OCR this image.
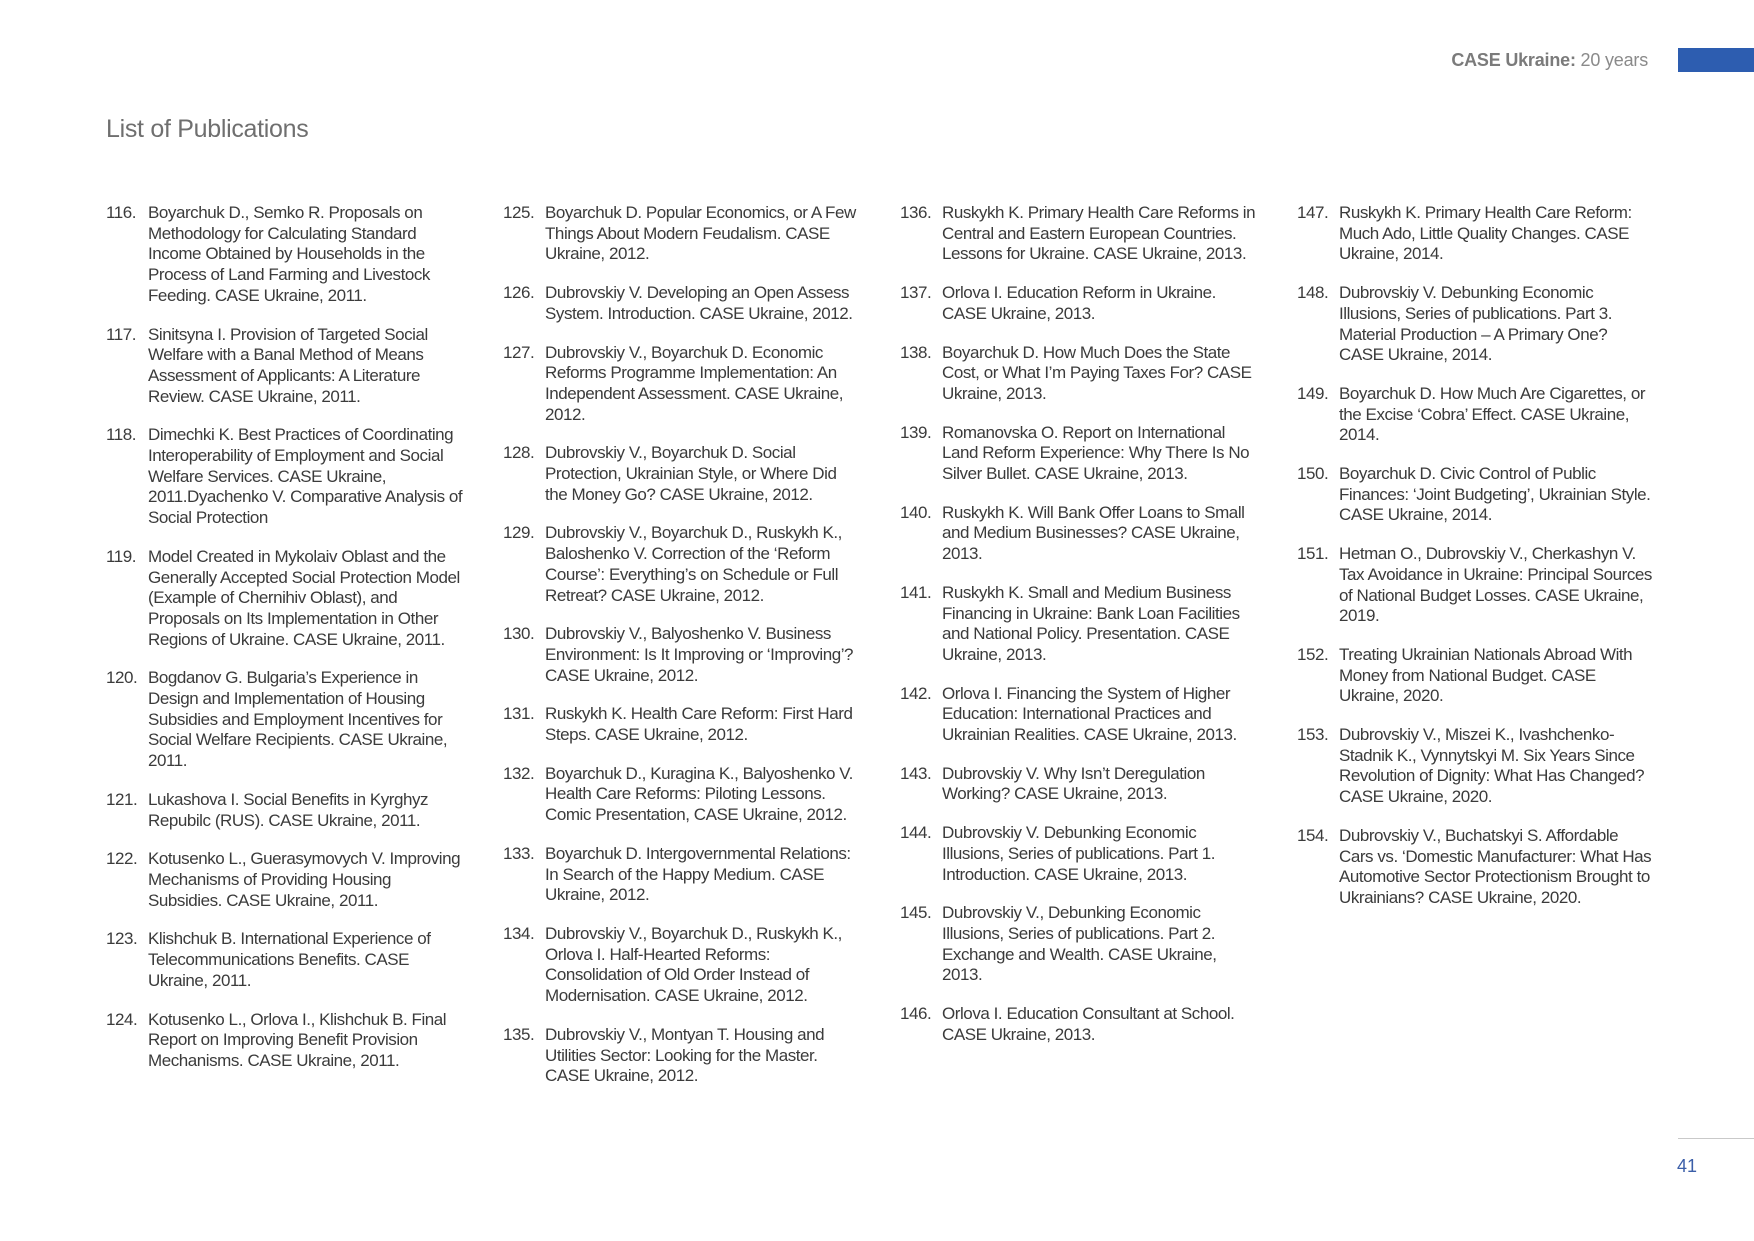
CASE Ukraine: 20 years
List of Publications
116. Boyarchuk D., Semko R. Proposals on Methodology for Calculating Standard Income Obtained by Households in the Process of Land Farming and Livestock Feeding. CASE Ukraine, 2011.
117. Sinitsyna I. Provision of Targeted Social Welfare with a Banal Method of Means Assessment of Applicants: A Literature Review. CASE Ukraine, 2011.
118. Dimechki K. Best Practices of Coordinating Interoperability of Employment and Social Welfare Services. CASE Ukraine, 2011.Dyachenko V. Comparative Analysis of Social Protection
119. Model Created in Mykolaiv Oblast and the Generally Accepted Social Protection Model (Example of Chernihiv Oblast), and Proposals on Its Implementation in Other Regions of Ukraine. CASE Ukraine, 2011.
120. Bogdanov G. Bulgaria’s Experience in Design and Implementation of Housing Subsidies and Employment Incentives for Social Welfare Recipients. CASE Ukraine, 2011.
121. Lukashova I. Social Benefits in Kyrghyz Repubilc (RUS). CASE Ukraine, 2011.
122. Kotusenko L., Guerasymovych V. Improving Mechanisms of Providing Housing Subsidies. CASE Ukraine, 2011.
123. Klishchuk B. International Experience of Telecommunications Benefits. CASE Ukraine, 2011.
124. Kotusenko L., Orlova I., Klishchuk B. Final Report on Improving Benefit Provision Mechanisms. CASE Ukraine, 2011.
125. Boyarchuk D. Popular Economics, or A Few Things About Modern Feudalism. CASE Ukraine, 2012.
126. Dubrovskiy V. Developing an Open Assess System. Introduction. CASE Ukraine, 2012.
127. Dubrovskiy V., Boyarchuk D. Economic Reforms Programme Implementation: An Independent Assessment. CASE Ukraine, 2012.
128. Dubrovskiy V., Boyarchuk D. Social Protection, Ukrainian Style, or Where Did the Money Go? CASE Ukraine, 2012.
129. Dubrovskiy V., Boyarchuk D., Ruskykh K., Baloshenko V. Correction of the ‘Reform Course’: Everything’s on Schedule or Full Retreat? CASE Ukraine, 2012.
130. Dubrovskiy V., Balyoshenko V. Business Environment: Is It Improving or ‘Improving’? CASE Ukraine, 2012.
131. Ruskykh K. Health Care Reform: First Hard Steps. CASE Ukraine, 2012.
132. Boyarchuk D., Kuragina K., Balyoshenko V. Health Care Reforms: Piloting Lessons. Comic Presentation, CASE Ukraine, 2012.
133. Boyarchuk D. Intergovernmental Relations: In Search of the Happy Medium. CASE Ukraine, 2012.
134. Dubrovskiy V., Boyarchuk D., Ruskykh K., Orlova I. Half-Hearted Reforms: Consolidation of Old Order Instead of Modernisation. CASE Ukraine, 2012.
135. Dubrovskiy V., Montyan T. Housing and Utilities Sector: Looking for the Master. CASE Ukraine, 2012.
136. Ruskykh K. Primary Health Care Reforms in Central and Eastern European Countries. Lessons for Ukraine. CASE Ukraine, 2013.
137. Orlova I. Education Reform in Ukraine. CASE Ukraine, 2013.
138. Boyarchuk D. How Much Does the State Cost, or What I’m Paying Taxes For? CASE Ukraine, 2013.
139. Romanovska O. Report on International Land Reform Experience: Why There Is No Silver Bullet. CASE Ukraine, 2013.
140. Ruskykh K. Will Bank Offer Loans to Small and Medium Businesses? CASE Ukraine, 2013.
141. Ruskykh K. Small and Medium Business Financing in Ukraine: Bank Loan Facilities and National Policy. Presentation. CASE Ukraine, 2013.
142. Orlova I. Financing the System of Higher Education: International Practices and Ukrainian Realities. CASE Ukraine, 2013.
143. Dubrovskiy V. Why Isn’t Deregulation Working? CASE Ukraine, 2013.
144. Dubrovskiy V. Debunking Economic Illusions, Series of publications. Part 1. Introduction. CASE Ukraine, 2013.
145. Dubrovskiy V., Debunking Economic Illusions, Series of publications. Part 2. Exchange and Wealth. CASE Ukraine, 2013.
146. Orlova I. Education Consultant at School. CASE Ukraine, 2013.
147. Ruskykh K. Primary Health Care Reform: Much Ado, Little Quality Changes. CASE Ukraine, 2014.
148. Dubrovskiy V. Debunking Economic Illusions, Series of publications. Part 3. Material Production – A Primary One? CASE Ukraine, 2014.
149. Boyarchuk D. How Much Are Cigarettes, or the Excise ‘Cobra’ Effect. CASE Ukraine, 2014.
150. Boyarchuk D. Civic Control of Public Finances: ‘Joint Budgeting’, Ukrainian Style. CASE Ukraine, 2014.
151. Hetman O., Dubrovskiy V., Cherkashyn V. Tax Avoidance in Ukraine: Principal Sources of National Budget Losses. CASE Ukraine, 2019.
152. Treating Ukrainian Nationals Abroad With Money from National Budget. CASE Ukraine, 2020.
153. Dubrovskiy V., Miszei K., Ivashchenko-Stadnik K., Vynnytskyi M. Six Years Since Revolution of Dignity: What Has Changed? CASE Ukraine, 2020.
154. Dubrovskiy V., Buchatskyi S. Affordable Cars vs. ‘Domestic Manufacturer: What Has Automotive Sector Protectionism Brought to Ukrainians? CASE Ukraine, 2020.
41
